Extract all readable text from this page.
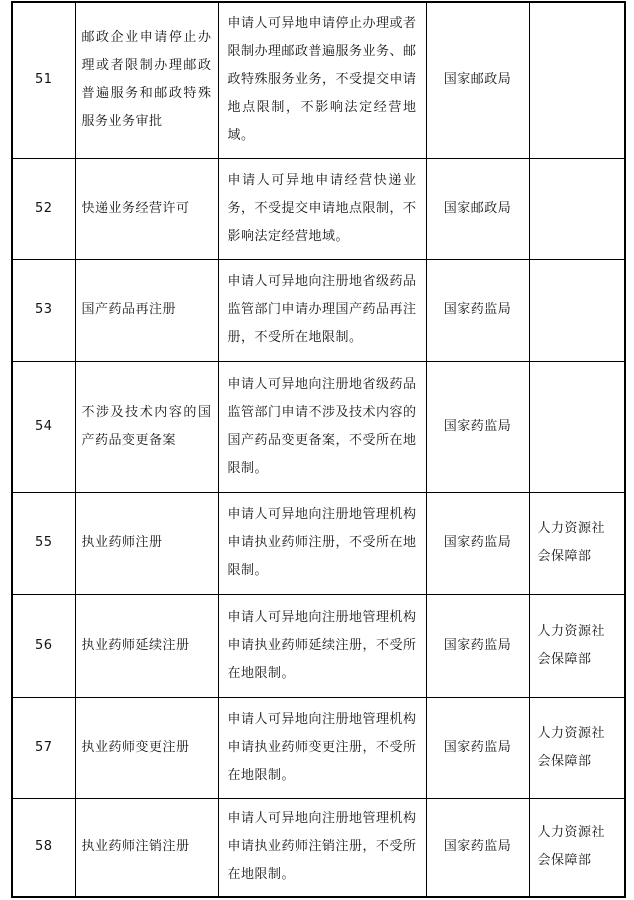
51	邮政企业申请停止办理或者限制办理邮政普遍服务和邮政特殊服务业务审批	申请人可异地申请停止办理或者限制办理邮政普遍服务业务、邮政特殊服务业务，不受提交申请地点限制，不影响法定经营地域。	国家邮政局	
52	快递业务经营许可	申请人可异地申请经营快递业务，不受提交申请地点限制，不影响法定经营地域。	国家邮政局	
53	国产药品再注册	申请人可异地向注册地省级药品监管部门申请办理国产药品再注册，不受所在地限制。	国家药监局	
54	不涉及技术内容的国产药品变更备案	申请人可异地向注册地省级药品监管部门申请不涉及技术内容的国产药品变更备案，不受所在地限制。	国家药监局	
55	执业药师注册	申请人可异地向注册地管理机构申请执业药师注册，不受所在地限制。	国家药监局	人力资源社会保障部
56	执业药师延续注册	申请人可异地向注册地管理机构申请执业药师延续注册，不受所在地限制。	国家药监局	人力资源社会保障部
57	执业药师变更注册	申请人可异地向注册地管理机构申请执业药师变更注册，不受所在地限制。	国家药监局	人力资源社会保障部
58	执业药师注销注册	申请人可异地向注册地管理机构申请执业药师注销注册，不受所在地限制。	国家药监局	人力资源社会保障部
